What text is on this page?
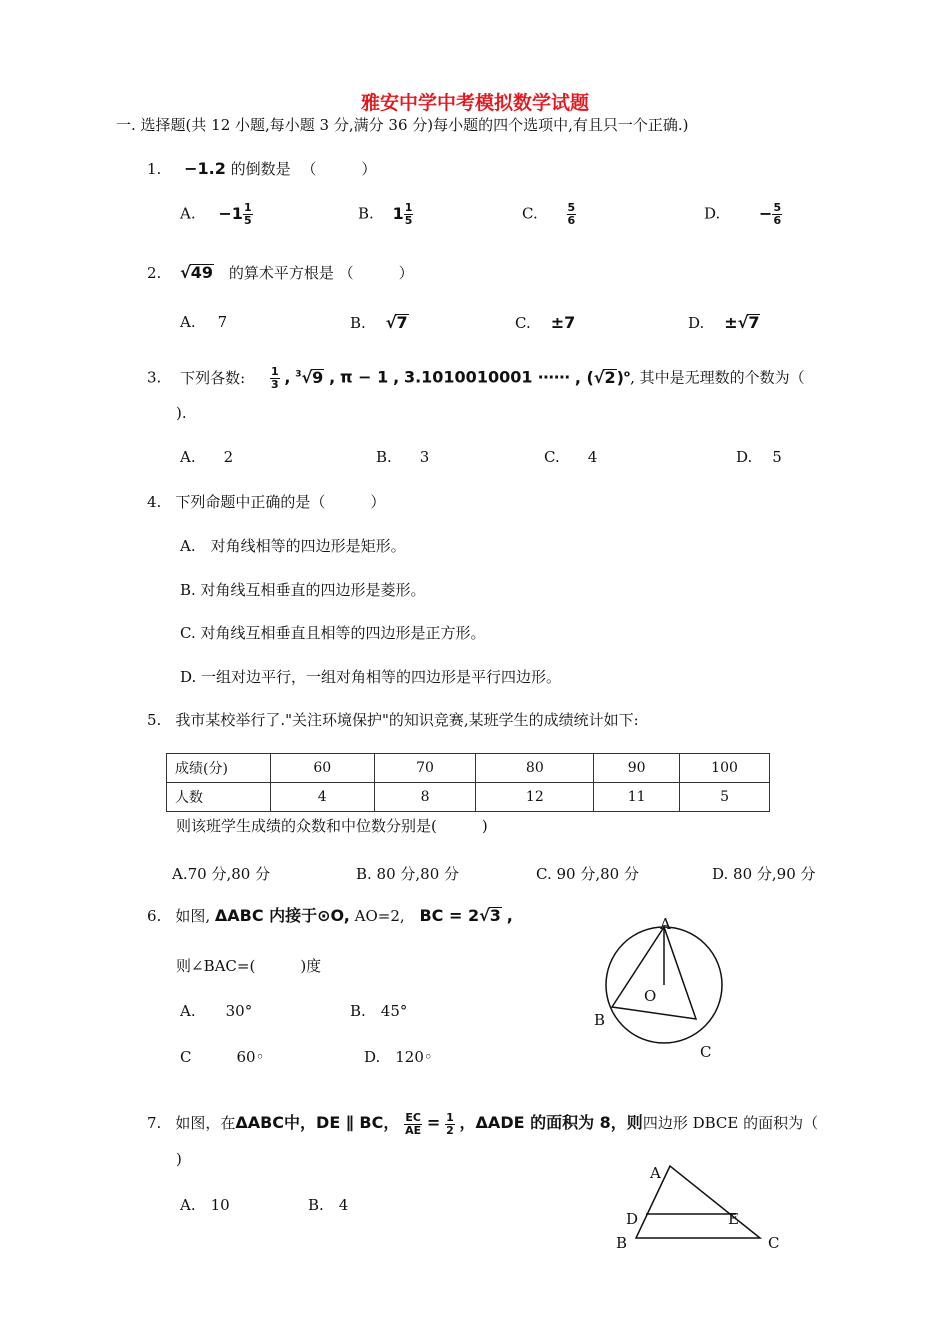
雅安中学中考模拟数学试题
一. 选择题(共 12 小题,每小题 3 分,满分 36 分)每小题的四个选项中,有且只一个正确.)
1. −1.2 的倒数是 （　　　）
A. $-1 \frac{1}{5}$	B. $1 \frac{1}{5}$	C.	$\frac{5}{6}$	D. − $\frac{5}{6}$
2. √49 的算术平方根是 （　　　）
A. 7	B. √7	C. ±7	D. ±√7
3. 下列各数: $\frac{1}{3}$ , $^3$√9 , π − 1 , 3.1010010001 ⋯⋯ , $(√2)^o$, 其中是无理数的个数为（
).
A. 2	B. 3	C. 4	D. 5
4. 下列命题中正确的是（　　　）
A.　对角线相等的四边形是矩形。
B. 对角线互相垂直的四边形是菱形。
C. 对角线互相垂直且相等的四边形是正方形。
D. 一组对边平行，一组对角相等的四边形是平行四边形。
5. 我市某校举行了."关注环境保护"的知识竞赛,某班学生的成绩统计如下:
成绩(分)	60	70	80	90	100
人数	4	8	12	11	5
则该班学生成绩的众数和中位数分别是(　　　)
A.70 分,80 分	B. 80 分,80 分	C. 90 分,80 分	D. 80 分,90 分
6. 如图, ΔABC 内接于⊙O, AO=2, BC = 2√3 ,
则∠BAC=(　　　)度
A.　　30°	B.　45°
C　　　60◦	D.　120◦
A
O
B
C
7. 如图，在ΔABC中，DE ∥ BC， $\frac{EC}{AE} = \frac{1}{2}$ ，ΔADE 的面积为 8，则四边形 DBCE 的面积为（
)
A.　10	B.　4
A
D	E
B	C
